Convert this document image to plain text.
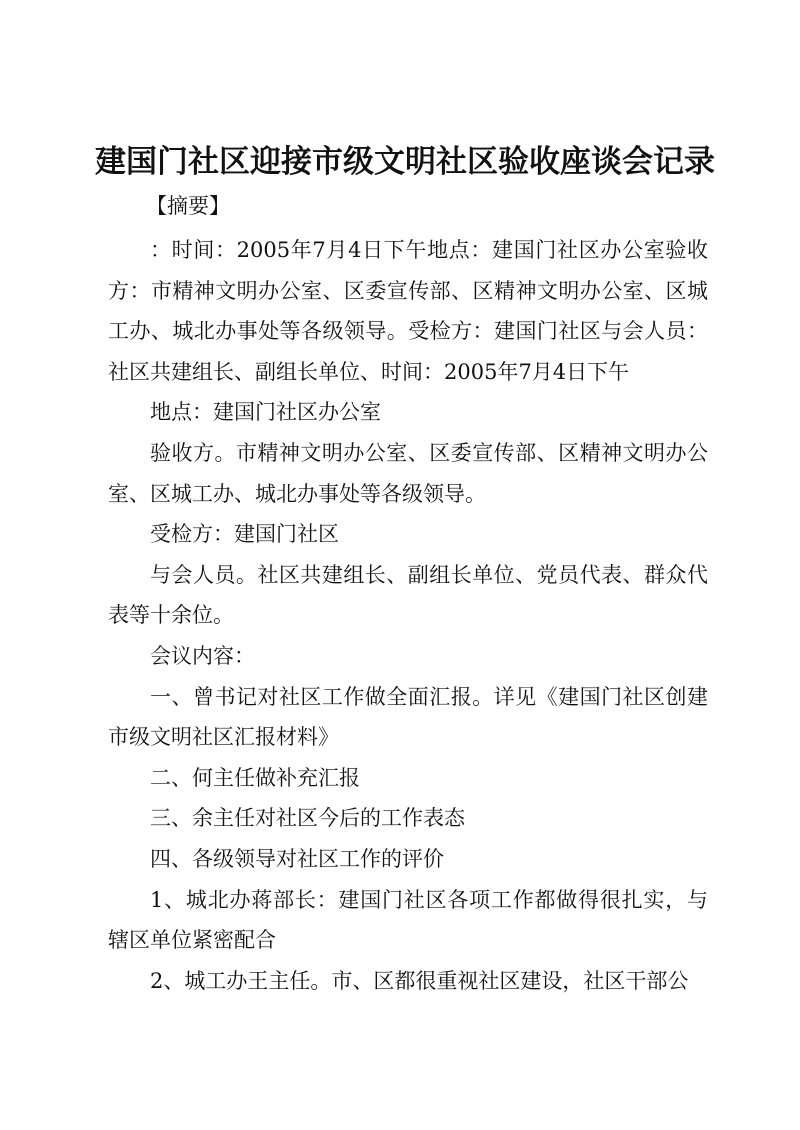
建国门社区迎接市级文明社区验收座谈会记录
【摘要】

：时间：2005年7月4日下午地点：建国门社区办公室验收方：市精神文明办公室、区委宣传部、区精神文明办公室、区城工办、城北办事处等各级领导。受检方：建国门社区与会人员：社区共建组长、副组长单位、时间：2005年7月4日下午

地点：建国门社区办公室

验收方。市精神文明办公室、区委宣传部、区精神文明办公室、区城工办、城北办事处等各级领导。

受检方：建国门社区

与会人员。社区共建组长、副组长单位、党员代表、群众代表等十余位。

会议内容：

一、曾书记对社区工作做全面汇报。详见《建国门社区创建市级文明社区汇报材料》

二、何主任做补充汇报

三、余主任对社区今后的工作表态

四、各级领导对社区工作的评价

1、城北办蒋部长：建国门社区各项工作都做得很扎实，与辖区单位紧密配合

2、城工办王主任。市、区都很重视社区建设，社区干部公
